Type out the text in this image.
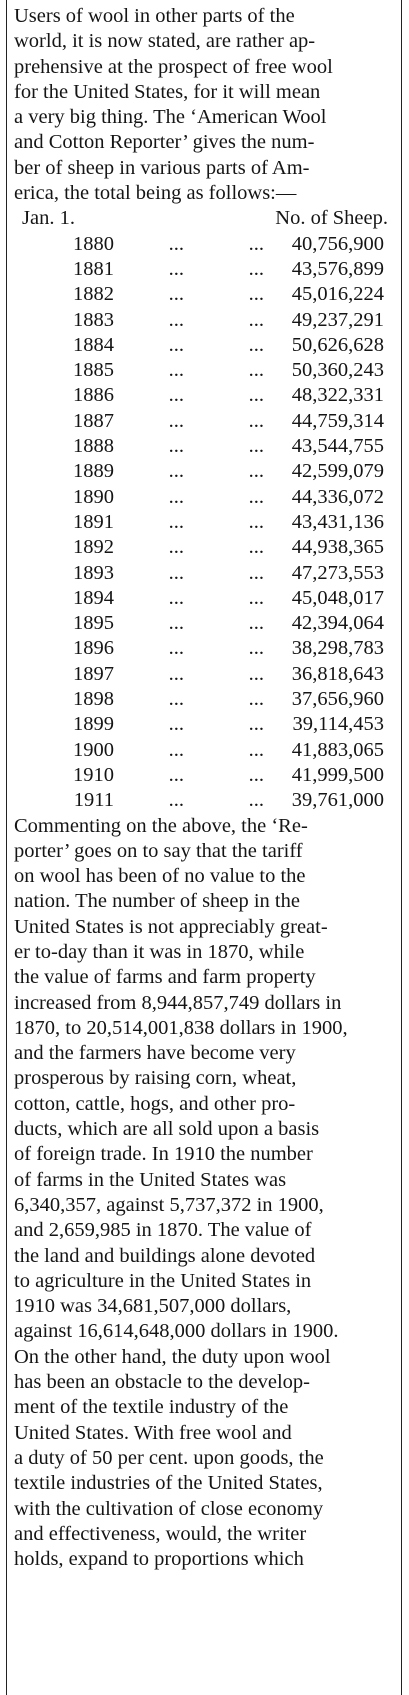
Users of wool in other parts of the
world, it is now stated, are rather ap-
prehensive at the prospect of free wool
for the United States, for it will mean
a very big thing. The ‘American Wool
and Cotton Reporter’ gives the num-
ber of sheep in various parts of Am-
erica, the total being as follows:—
Jan. 1.	No. of Sheep.
1880	...	...	40,756,900
1881	...	...	43,576,899
1882	...	...	45,016,224
1883	...	...	49,237,291
1884	...	...	50,626,628
1885	...	...	50,360,243
1886	...	...	48,322,331
1887	...	...	44,759,314
1888	...	...	43,544,755
1889	...	...	42,599,079
1890	...	...	44,336,072
1891	...	...	43,431,136
1892	...	...	44,938,365
1893	...	...	47,273,553
1894	...	...	45,048,017
1895	...	...	42,394,064
1896	...	...	38,298,783
1897	...	...	36,818,643
1898	...	...	37,656,960
1899	...	...	39,114,453
1900	...	...	41,883,065
1910	...	...	41,999,500
1911	...	...	39,761,000
Commenting on the above, the ‘Re-
porter’ goes on to say that the tariff
on wool has been of no value to the
nation. The number of sheep in the
United States is not appreciably great-
er to-day than it was in 1870, while
the value of farms and farm property
increased from 8,944,857,749 dollars in
1870, to 20,514,001,838 dollars in 1900,
and the farmers have become very
prosperous by raising corn, wheat,
cotton, cattle, hogs, and other pro-
ducts, which are all sold upon a basis
of foreign trade. In 1910 the number
of farms in the United States was
6,340,357, against 5,737,372 in 1900,
and 2,659,985 in 1870. The value of
the land and buildings alone devoted
to agriculture in the United States in
1910 was 34,681,507,000 dollars,
against 16,614,648,000 dollars in 1900.
On the other hand, the duty upon wool
has been an obstacle to the develop-
ment of the textile industry of the
United States. With free wool and
a duty of 50 per cent. upon goods, the
textile industries of the United States,
with the cultivation of close economy
and effectiveness, would, the writer
holds, expand to proportions which
